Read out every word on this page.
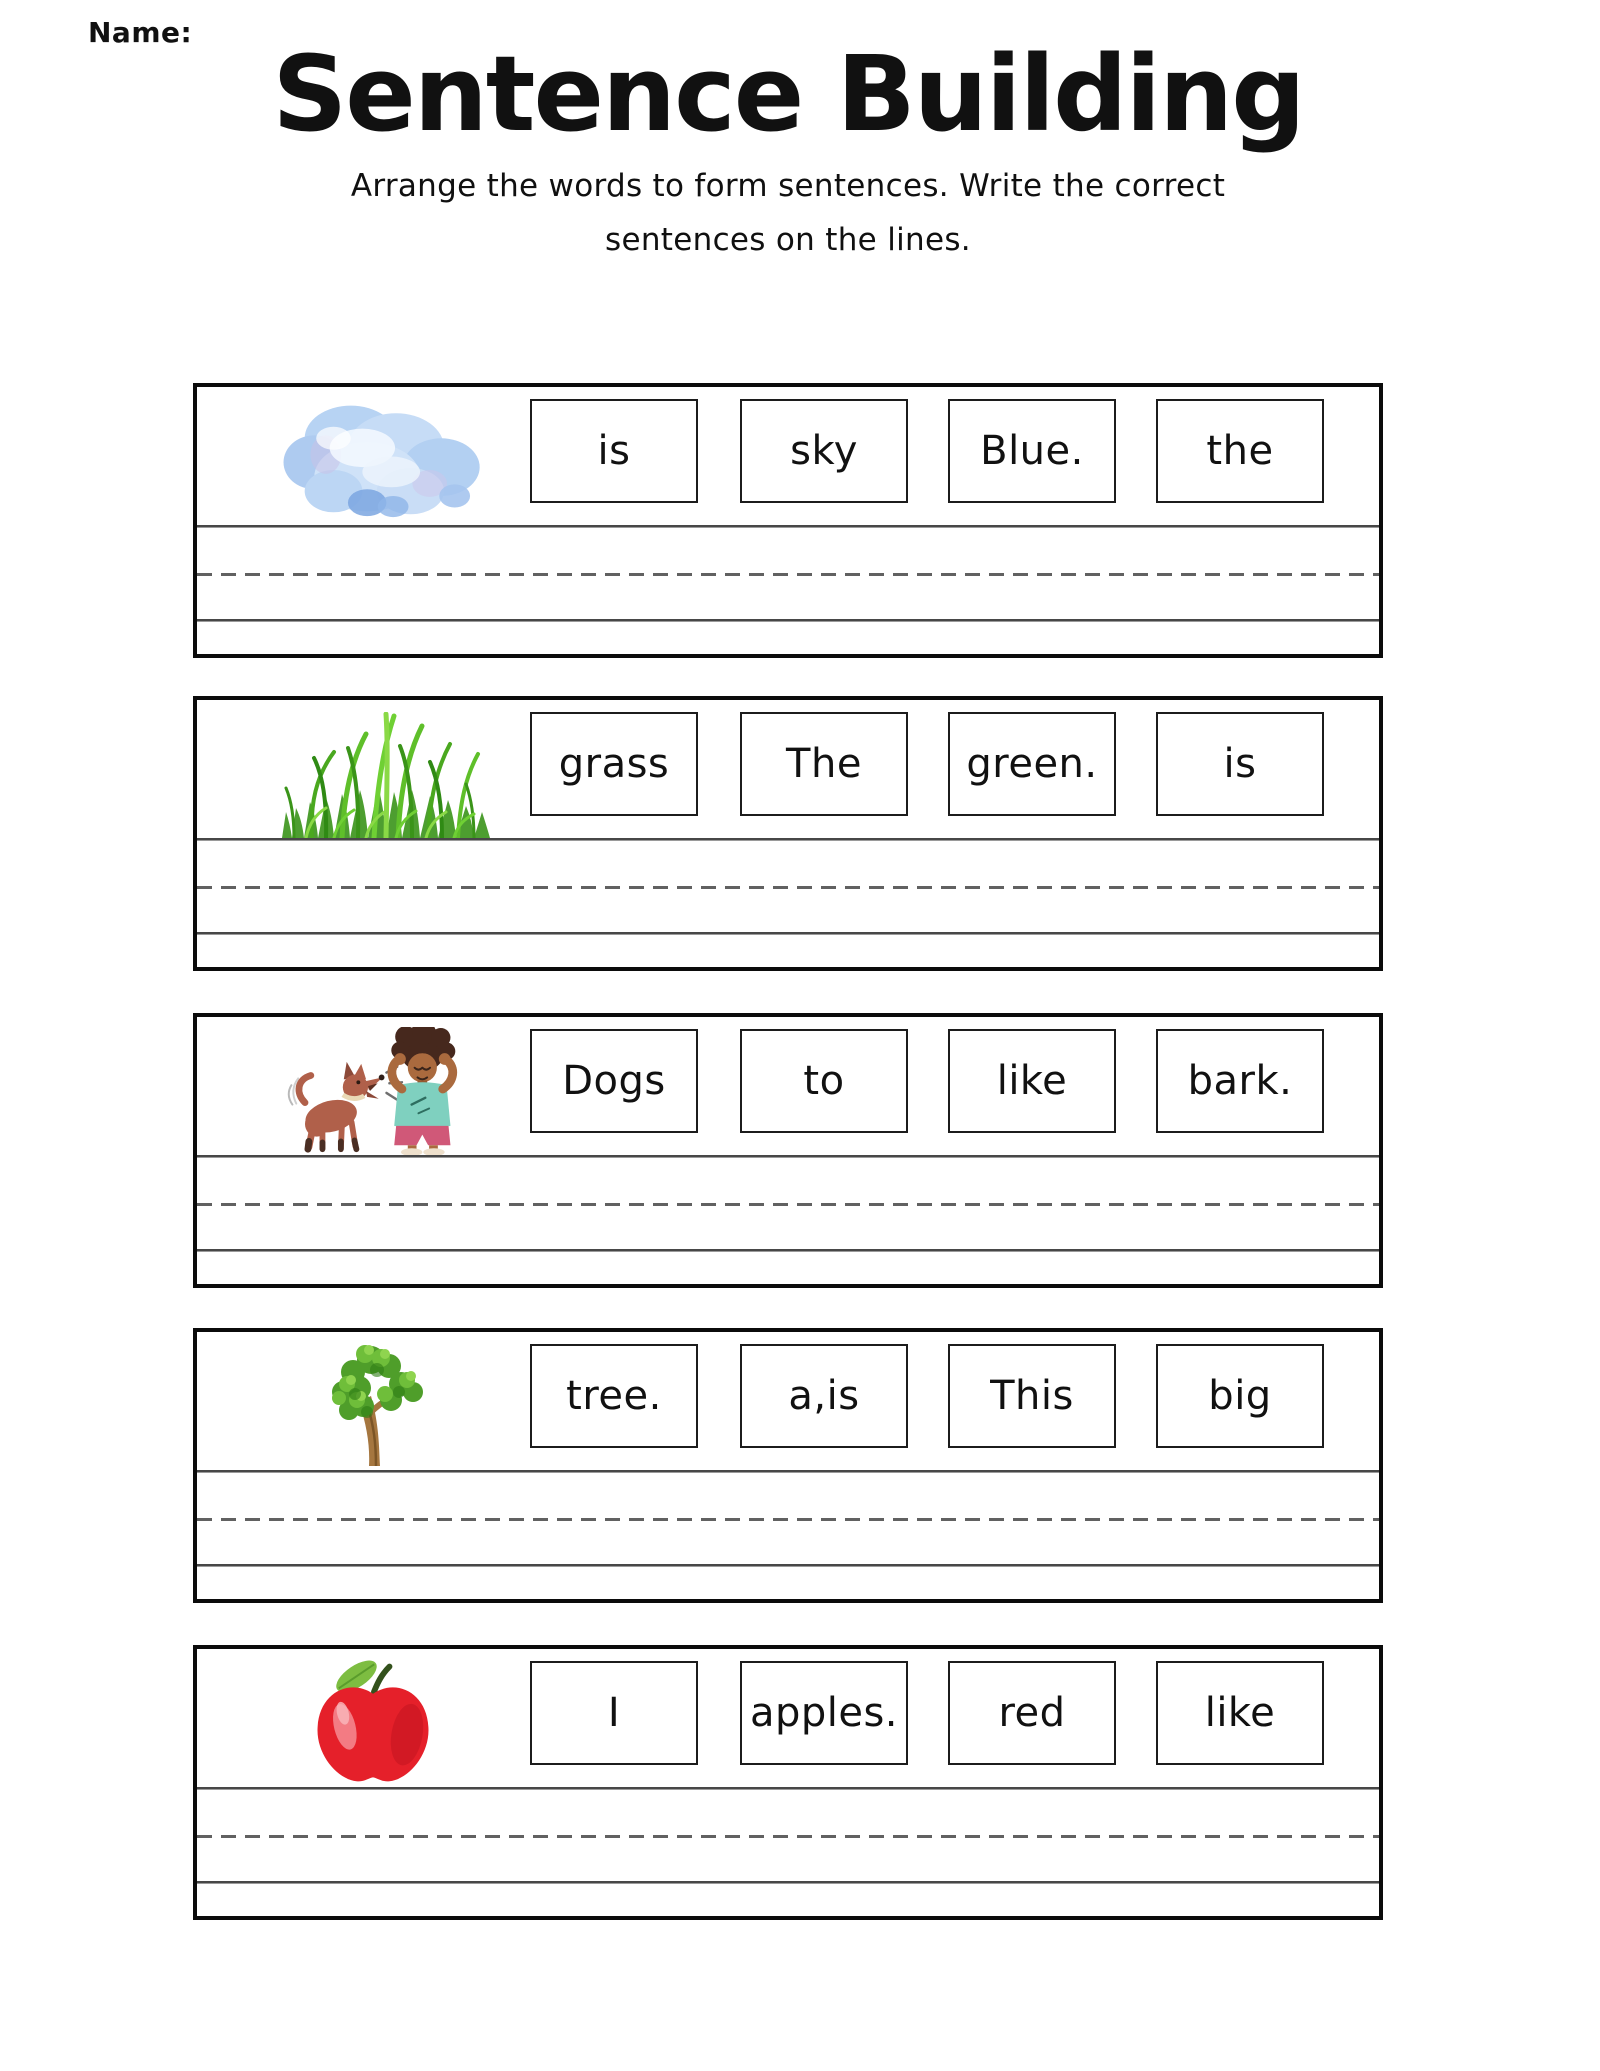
Name:
Sentence Building
Arrange the words to form sentences. Write the correct
sentences on the lines.
is	sky	Blue.	the
grass	The	green.	is
Dogs	to	like	bark.
tree.	a,is	This	big
I	apples.	red	like
